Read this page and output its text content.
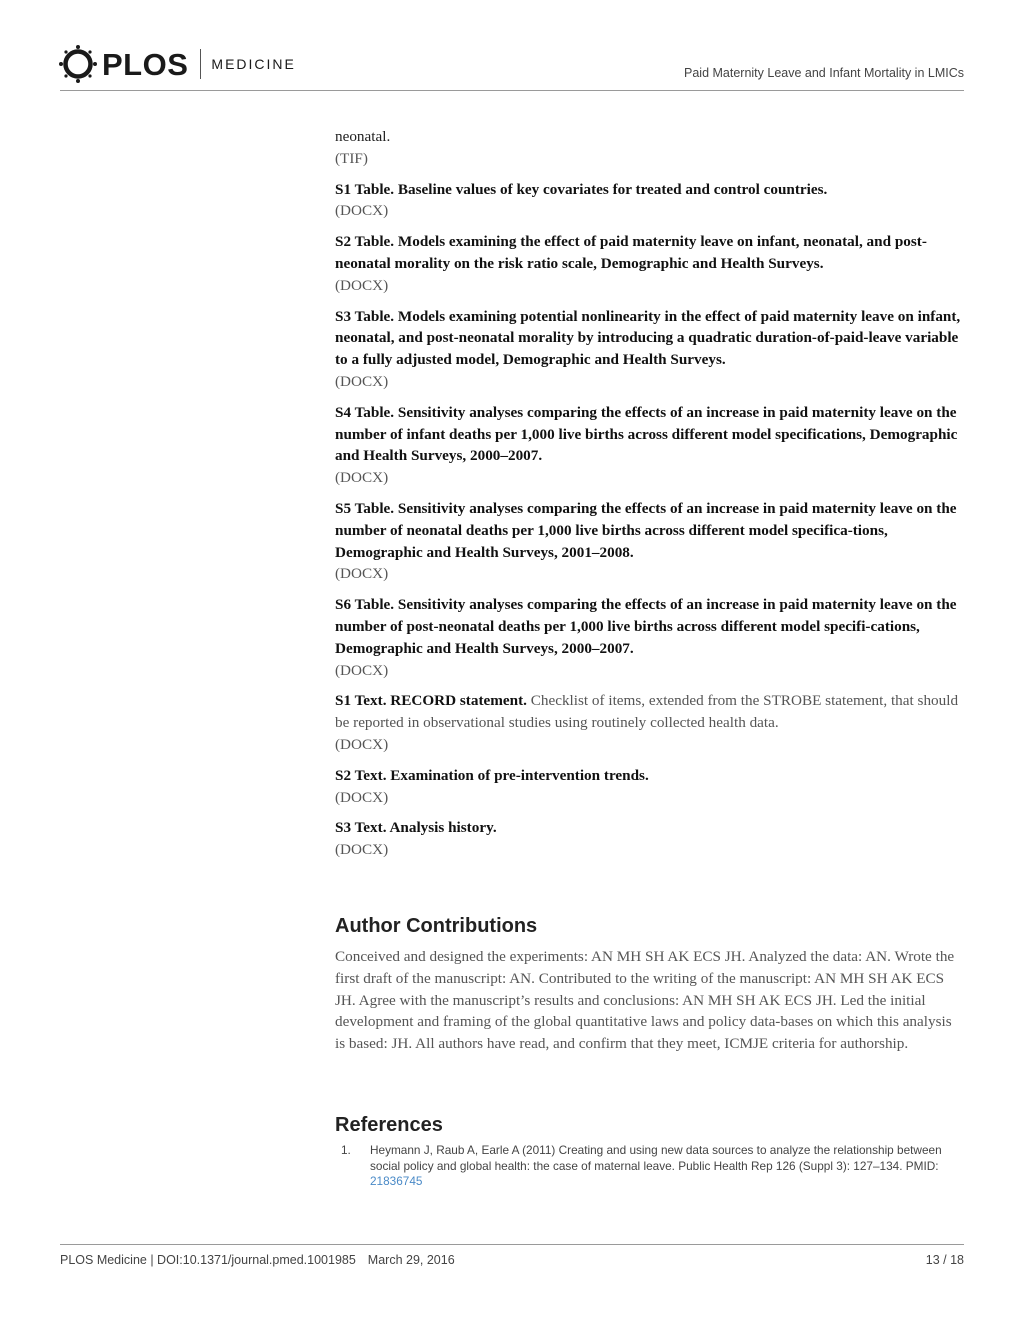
PLOS MEDICINE
Paid Maternity Leave and Infant Mortality in LMICs

neonatal.

(TIF)

S1 Table. Baseline values of key covariates for treated and control countries.

(DOCX)

S2 Table. Models examining the effect of paid maternity leave on infant, neonatal, and post-neonatal morality on the risk ratio scale, Demographic and Health Surveys.

(DOCX)

S3 Table. Models examining potential nonlinearity in the effect of paid maternity leave on infant, neonatal, and post-neonatal morality by introducing a quadratic duration-of-paid-leave variable to a fully adjusted model, Demographic and Health Surveys.

(DOCX)

S4 Table. Sensitivity analyses comparing the effects of an increase in paid maternity leave on the number of infant deaths per 1,000 live births across different model specifications, Demographic and Health Surveys, 2000–2007.

(DOCX)

S5 Table. Sensitivity analyses comparing the effects of an increase in paid maternity leave on the number of neonatal deaths per 1,000 live births across different model specifica-tions, Demographic and Health Surveys, 2001–2008.

(DOCX)

S6 Table. Sensitivity analyses comparing the effects of an increase in paid maternity leave on the number of post-neonatal deaths per 1,000 live births across different model specifi-cations, Demographic and Health Surveys, 2000–2007.

(DOCX)

S1 Text. RECORD statement. Checklist of items, extended from the STROBE statement, that should be reported in observational studies using routinely collected health data.

(DOCX)

S2 Text. Examination of pre-intervention trends.

(DOCX)

S3 Text. Analysis history.

(DOCX)

Author Contributions

Conceived and designed the experiments: AN MH SH AK ECS JH. Analyzed the data: AN. Wrote the first draft of the manuscript: AN. Contributed to the writing of the manuscript: AN MH SH AK ECS JH. Agree with the manuscript’s results and conclusions: AN MH SH AK ECS JH. Led the initial development and framing of the global quantitative laws and policy data-bases on which this analysis is based: JH. All authors have read, and confirm that they meet, ICMJE criteria for authorship.

References
1.	Heymann J, Raub A, Earle A (2011) Creating and using new data sources to analyze the relationship between social policy and global health: the case of maternal leave. Public Health Rep 126 (Suppl 3): 127–134. PMID: 21836745
PLOS Medicine | DOI:10.1371/journal.pmed.1001985 March 29, 2016	13 / 18
